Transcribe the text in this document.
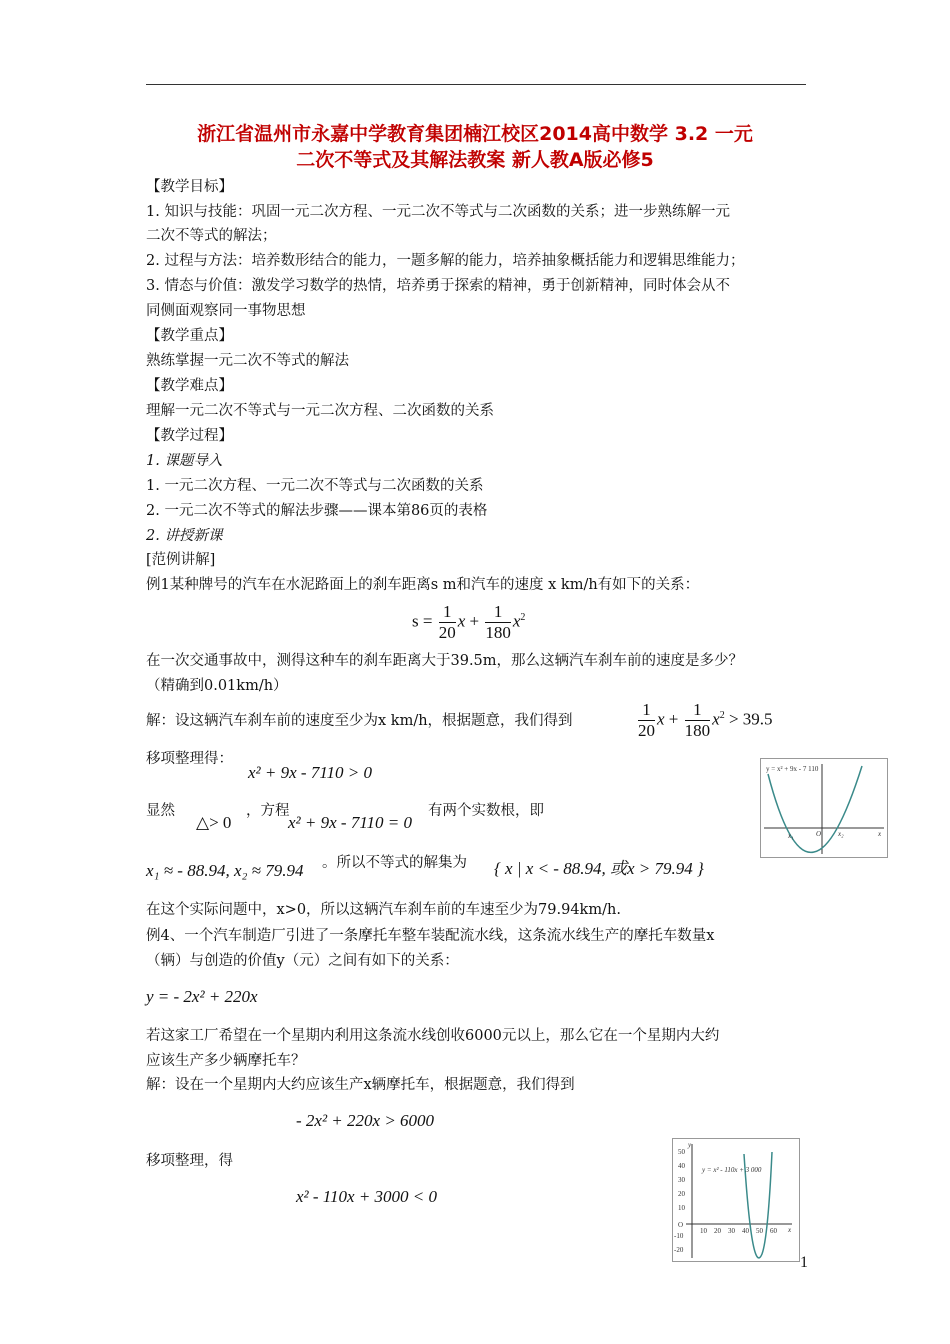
浙江省温州市永嘉中学教育集团楠江校区2014高中数学 3.2 一元
二次不等式及其解法教案 新人教A版必修5
【教学目标】
1. 知识与技能：巩固一元二次方程、一元二次不等式与二次函数的关系；进一步熟练解一元
二次不等式的解法；
2. 过程与方法：培养数形结合的能力，一题多解的能力，培养抽象概括能力和逻辑思维能力；
3. 情态与价值：激发学习数学的热情，培养勇于探索的精神，勇于创新精神，同时体会从不
同侧面观察同一事物思想
【教学重点】
熟练掌握一元二次不等式的解法
【教学难点】
理解一元二次不等式与一元二次方程、二次函数的关系
【教学过程】
1. 课题导入
1. 一元二次方程、一元二次不等式与二次函数的关系
2. 一元二次不等式的解法步骤——课本第86页的表格
2. 讲授新课
[范例讲解]
例1某种牌号的汽车在水泥路面上的刹车距离s m和汽车的速度 x km/h有如下的关系：
$s = \frac{1}{20}$ $x + \frac{1}{180} x^2$
在一次交通事故中，测得这种车的刹车距离大于39.5m，那么这辆汽车刹车前的速度是多少？
（精确到0.01km/h）
解：设这辆汽车刹车前的速度至少为x km/h，根据题意，我们得到	$\frac{1}{20}$ $x + \frac{1}{180} x^2 > 39.5$
移项整理得：
x² + 9x - 7110 > 0
显然
△> 0
，方程
x² + 9x - 7110 = 0
有两个实数根，即
x₁ ≈ - 88.94, x₂ ≈ 79.94 。所以不等式的解集为 { x | x < - 88.94, 或x > 79.94 }
在这个实际问题中，x>0，所以这辆汽车刹车前的车速至少为79.94km/h.
例4、一个汽车制造厂引进了一条摩托车整车装配流水线，这条流水线生产的摩托车数量x
（辆）与创造的价值y（元）之间有如下的关系：
y = - 2x² + 220x
若这家工厂希望在一个星期内利用这条流水线创收6000元以上，那么它在一个星期内大约
应该生产多少辆摩托车？
解：设在一个星期内大约应该生产x辆摩托车，根据题意，我们得到
- 2x² + 220x > 6000
移项整理，得
x² - 110x + 3000 < 0
y = x² + 9x - 7 110
x₁	O x₂	x
y = x² - 110x + 3 000
y
x
50
40
30
20
10
O
-10
-20
10 20 30 40 50 60
1
